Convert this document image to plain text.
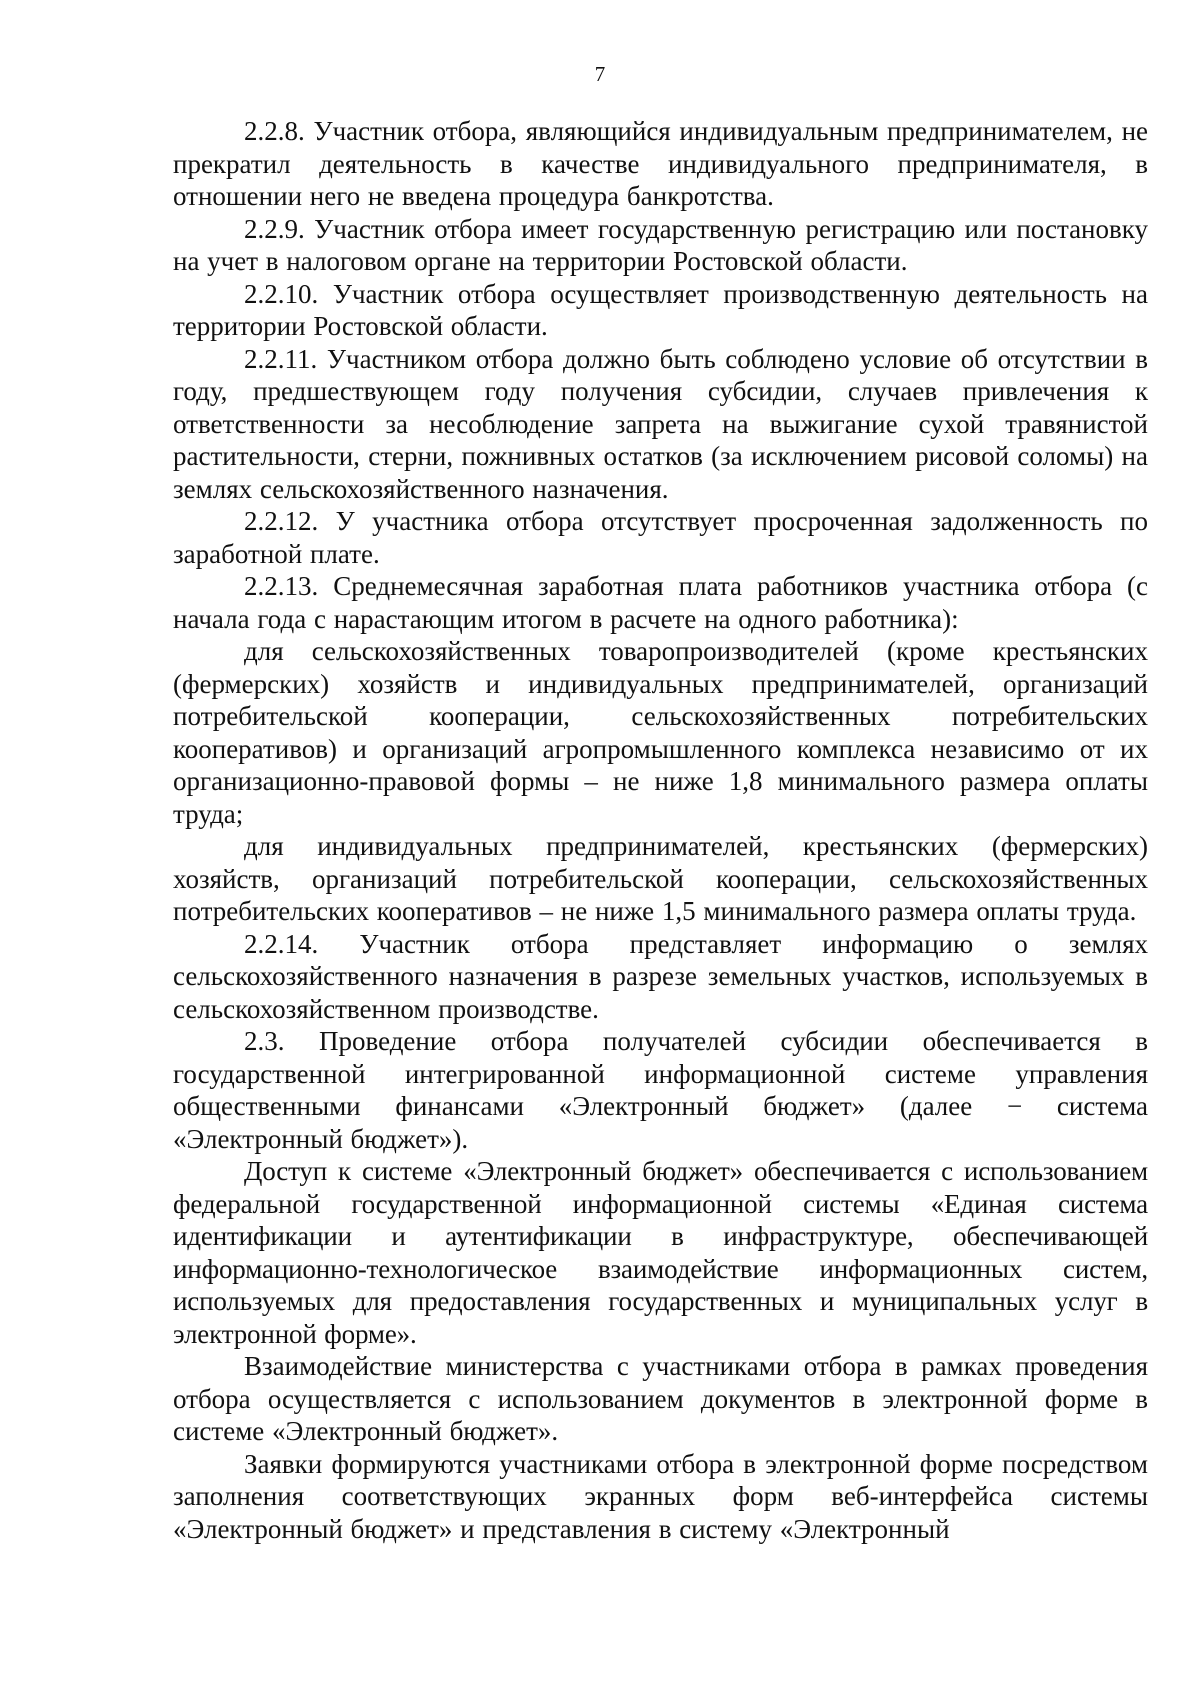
7

2.2.8. Участник отбора, являющийся индивидуальным предпринимателем, не прекратил деятельность в качестве индивидуального предпринимателя, в отношении него не введена процедура банкротства.

2.2.9. Участник отбора имеет государственную регистрацию или постановку на учет в налоговом органе на территории Ростовской области.

2.2.10. Участник отбора осуществляет производственную деятельность на территории Ростовской области.

2.2.11. Участником отбора должно быть соблюдено условие об отсутствии в году, предшествующем году получения субсидии, случаев привлечения к ответственности за несоблюдение запрета на выжигание сухой травянистой растительности, стерни, пожнивных остатков (за исключением рисовой соломы) на землях сельскохозяйственного назначения.

2.2.12. У участника отбора отсутствует просроченная задолженность по заработной плате.

2.2.13. Среднемесячная заработная плата работников участника отбора (с начала года с нарастающим итогом в расчете на одного работника):

для сельскохозяйственных товаропроизводителей (кроме крестьянских (фермерских) хозяйств и индивидуальных предпринимателей, организаций потребительской кооперации, сельскохозяйственных потребительских кооперативов) и организаций агропромышленного комплекса независимо от их организационно-правовой формы – не ниже 1,8 минимального размера оплаты труда;

для индивидуальных предпринимателей, крестьянских (фермерских) хозяйств, организаций потребительской кооперации, сельскохозяйственных потребительских кооперативов – не ниже 1,5 минимального размера оплаты труда.

2.2.14. Участник отбора представляет информацию о землях сельскохозяйственного назначения в разрезе земельных участков, используемых в сельскохозяйственном производстве.

2.3. Проведение отбора получателей субсидии обеспечивается в государственной интегрированной информационной системе управления общественными финансами «Электронный бюджет» (далее − система «Электронный бюджет»).

Доступ к системе «Электронный бюджет» обеспечивается с использованием федеральной государственной информационной системы «Единая система идентификации и аутентификации в инфраструктуре, обеспечивающей информационно-технологическое взаимодействие информационных систем, используемых для предоставления государственных и муниципальных услуг в электронной форме».

Взаимодействие министерства с участниками отбора в рамках проведения отбора осуществляется с использованием документов в электронной форме в системе «Электронный бюджет».

Заявки формируются участниками отбора в электронной форме посредством заполнения соответствующих экранных форм веб-интерфейса системы «Электронный бюджет» и представления в систему «Электронный
